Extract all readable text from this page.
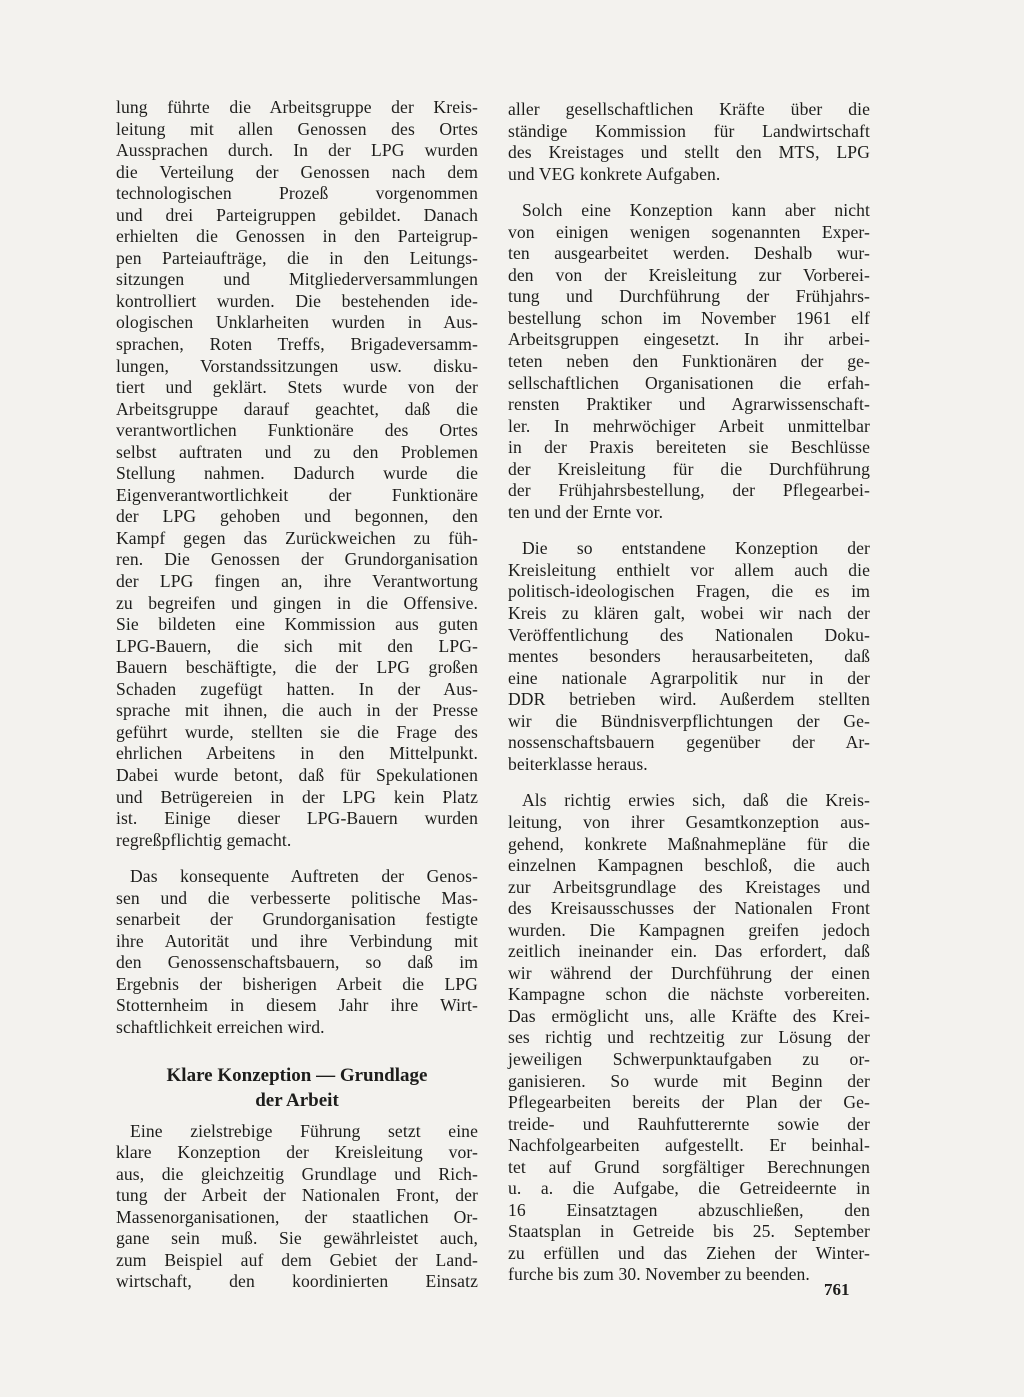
lung führte die Arbeitsgruppe der Kreis-
leitung mit allen Genossen des Ortes
Aussprachen durch. In der LPG wurden
die Verteilung der Genossen nach dem
technologischen Prozeß vorgenommen
und drei Parteigruppen gebildet. Danach
erhielten die Genossen in den Parteigrup-
pen Parteiaufträge, die in den Leitungs-
sitzungen und Mitgliederversammlungen
kontrolliert wurden. Die bestehenden ide-
ologischen Unklarheiten wurden in Aus-
sprachen, Roten Treffs, Brigadeversamm-
lungen, Vorstandssitzungen usw. disku-
tiert und geklärt. Stets wurde von der
Arbeitsgruppe darauf geachtet, daß die
verantwortlichen Funktionäre des Ortes
selbst auftraten und zu den Problemen
Stellung nahmen. Dadurch wurde die
Eigenverantwortlichkeit der Funktionäre
der LPG gehoben und begonnen, den
Kampf gegen das Zurückweichen zu füh-
ren. Die Genossen der Grundorganisation
der LPG fingen an, ihre Verantwortung
zu begreifen und gingen in die Offensive.
Sie bildeten eine Kommission aus guten
LPG-Bauern, die sich mit den LPG-
Bauern beschäftigte, die der LPG großen
Schaden zugefügt hatten. In der Aus-
sprache mit ihnen, die auch in der Presse
geführt wurde, stellten sie die Frage des
ehrlichen Arbeitens in den Mittelpunkt.
Dabei wurde betont, daß für Spekulationen
und Betrügereien in der LPG kein Platz
ist. Einige dieser LPG-Bauern wurden
regreßpflichtig gemacht.
Das konsequente Auftreten der Genos-
sen und die verbesserte politische Mas-
senarbeit der Grundorganisation festigte
ihre Autorität und ihre Verbindung mit
den Genossenschaftsbauern, so daß im
Ergebnis der bisherigen Arbeit die LPG
Stotternheim in diesem Jahr ihre Wirt-
schaftlichkeit erreichen wird.

Klare Konzeption — Grundlage

der Arbeit

Eine zielstrebige Führung setzt eine
klare Konzeption der Kreisleitung vor-
aus, die gleichzeitig Grundlage und Rich-
tung der Arbeit der Nationalen Front, der
Massenorganisationen, der staatlichen Or-
gane sein muß. Sie gewährleistet auch,
zum Beispiel auf dem Gebiet der Land-
wirtschaft, den koordinierten Einsatz
aller gesellschaftlichen Kräfte über die
ständige Kommission für Landwirtschaft
des Kreistages und stellt den MTS, LPG
und VEG konkrete Aufgaben.
Solch eine Konzeption kann aber nicht
von einigen wenigen sogenannten Exper-
ten ausgearbeitet werden. Deshalb wur-
den von der Kreisleitung zur Vorberei-
tung und Durchführung der Frühjahrs-
bestellung schon im November 1961 elf
Arbeitsgruppen eingesetzt. In ihr arbei-
teten neben den Funktionären der ge-
sellschaftlichen Organisationen die erfah-
rensten Praktiker und Agrarwissenschaft-
ler. In mehrwöchiger Arbeit unmittelbar
in der Praxis bereiteten sie Beschlüsse
der Kreisleitung für die Durchführung
der Frühjahrsbestellung, der Pflegearbei-
ten und der Ernte vor.
Die so entstandene Konzeption der
Kreisleitung enthielt vor allem auch die
politisch-ideologischen Fragen, die es im
Kreis zu klären galt, wobei wir nach der
Veröffentlichung des Nationalen Doku-
mentes besonders herausarbeiteten, daß
eine nationale Agrarpolitik nur in der
DDR betrieben wird. Außerdem stellten
wir die Bündnisverpflichtungen der Ge-
nossenschaftsbauern gegenüber der Ar-
beiterklasse heraus.
Als richtig erwies sich, daß die Kreis-
leitung, von ihrer Gesamtkonzeption aus-
gehend, konkrete Maßnahmepläne für die
einzelnen Kampagnen beschloß, die auch
zur Arbeitsgrundlage des Kreistages und
des Kreisausschusses der Nationalen Front
wurden. Die Kampagnen greifen jedoch
zeitlich ineinander ein. Das erfordert, daß
wir während der Durchführung der einen
Kampagne schon die nächste vorbereiten.
Das ermöglicht uns, alle Kräfte des Krei-
ses richtig und rechtzeitig zur Lösung der
jeweiligen Schwerpunktaufgaben zu or-
ganisieren. So wurde mit Beginn der
Pflegearbeiten bereits der Plan der Ge-
treide- und Rauhfutterernte sowie der
Nachfolgearbeiten aufgestellt. Er beinhal-
tet auf Grund sorgfältiger Berechnungen
u. a. die Aufgabe, die Getreideernte in
16 Einsatztagen abzuschließen, den
Staatsplan in Getreide bis 25. September
zu erfüllen und das Ziehen der Winter-
furche bis zum 30. November zu beenden.
761
